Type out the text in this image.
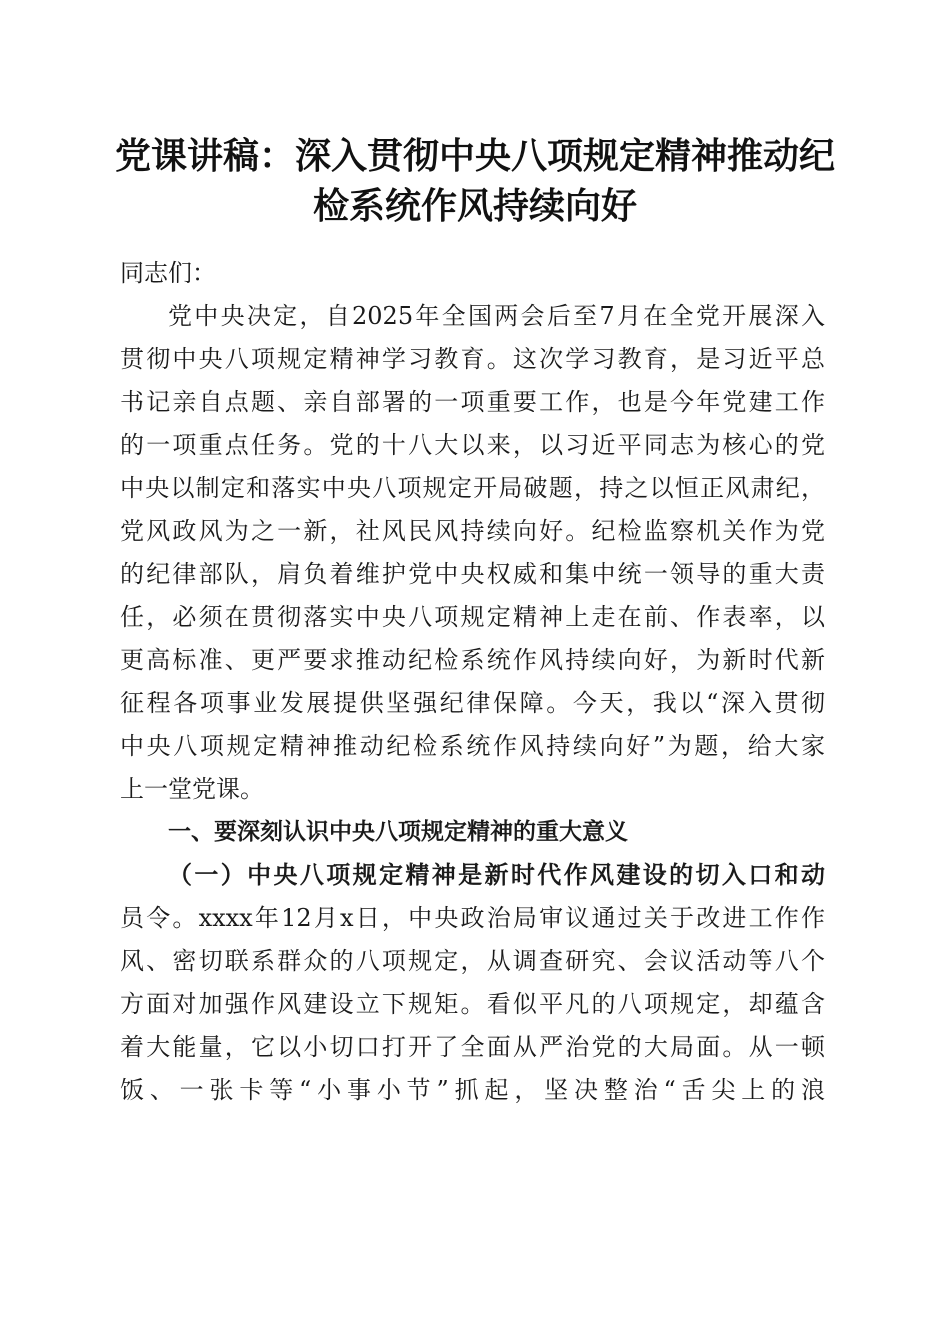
党课讲稿：深入贯彻中央八项规定精神推动纪
检系统作风持续向好

同志们：

党中央决定，自2025年全国两会后至7月在全党开展深入
贯彻中央八项规定精神学习教育。这次学习教育，是习近平总
书记亲自点题、亲自部署的一项重要工作，也是今年党建工作
的一项重点任务。党的十八大以来，以习近平同志为核心的党
中央以制定和落实中央八项规定开局破题，持之以恒正风肃纪，
党风政风为之一新，社风民风持续向好。纪检监察机关作为党
的纪律部队，肩负着维护党中央权威和集中统一领导的重大责
任，必须在贯彻落实中央八项规定精神上走在前、作表率，以
更高标准、更严要求推动纪检系统作风持续向好，为新时代新
征程各项事业发展提供坚强纪律保障。今天，我以“深入贯彻
中央八项规定精神推动纪检系统作风持续向好”为题，给大家
上一堂党课。

一、要深刻认识中央八项规定精神的重大意义

（一）中央八项规定精神是新时代作风建设的切入口和动
员令。xxxx年12月x日，中央政治局审议通过关于改进工作作
风、密切联系群众的八项规定，从调查研究、会议活动等八个
方面对加强作风建设立下规矩。看似平凡的八项规定，却蕴含
着大能量，它以小切口打开了全面从严治党的大局面。从一顿
饭、一张卡等“小事小节”抓起，坚决整治“舌尖上的浪
